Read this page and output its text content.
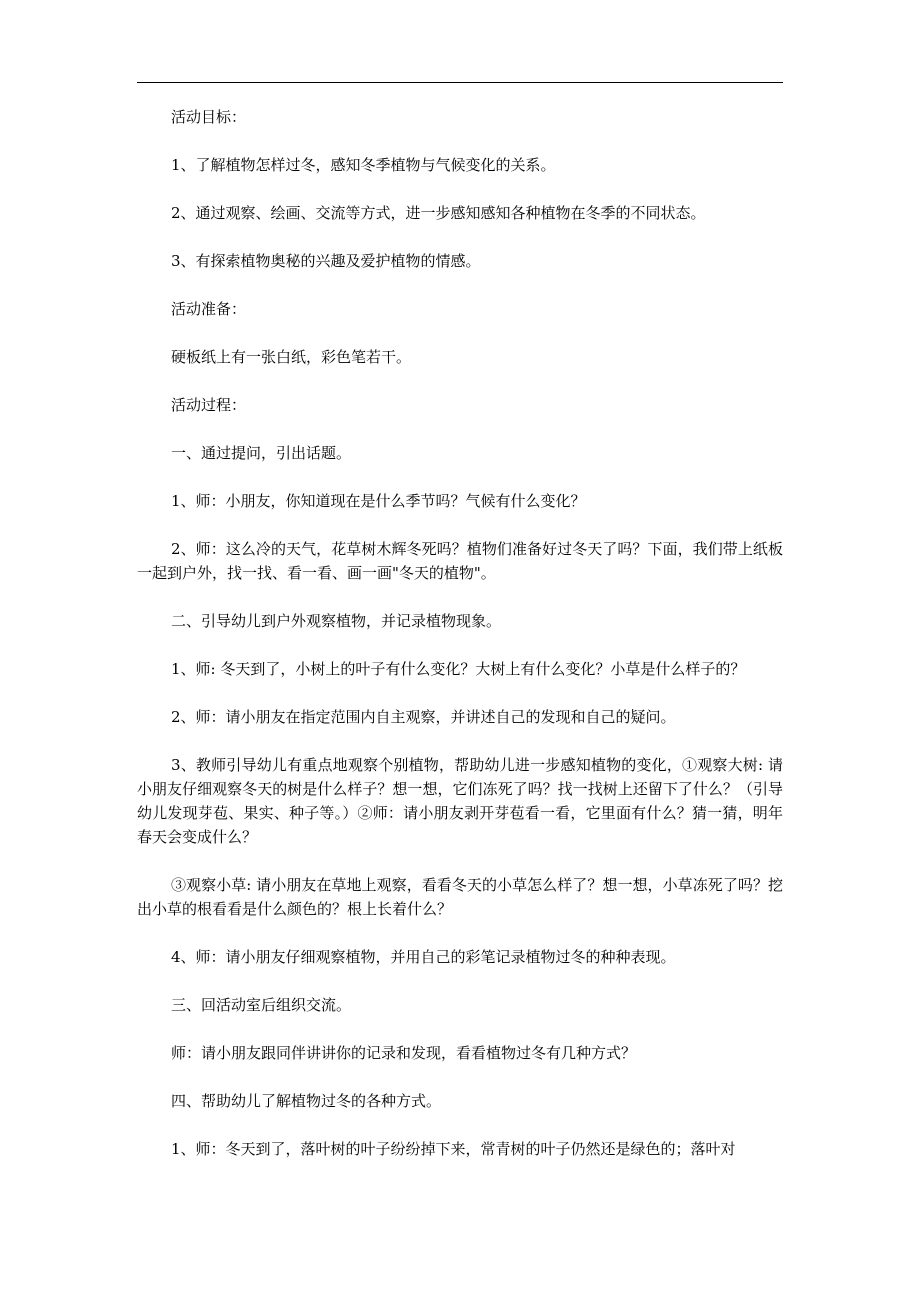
活动目标：

1、了解植物怎样过冬，感知冬季植物与气候变化的关系。

2、通过观察、绘画、交流等方式，进一步感知感知各种植物在冬季的不同状态。

3、有探索植物奥秘的兴趣及爱护植物的情感。

活动准备：

硬板纸上有一张白纸，彩色笔若干。

活动过程：

一、通过提问，引出话题。

1、师：小朋友，你知道现在是什么季节吗？气候有什么变化？

2、师：这么冷的天气，花草树木辉冬死吗？植物们准备好过冬天了吗？下面，我们带上纸板一起到户外，找一找、看一看、画一画"冬天的植物"。

二、引导幼儿到户外观察植物，并记录植物现象。

1、师: 冬天到了，小树上的叶子有什么变化？大树上有什么变化？小草是什么样子的？

2、师：请小朋友在指定范围内自主观察，并讲述自己的发现和自己的疑问。

3、教师引导幼儿有重点地观察个别植物，帮助幼儿进一步感知植物的变化，①观察大树: 请小朋友仔细观察冬天的树是什么样子？想一想，它们冻死了吗？找一找树上还留下了什么？（引导幼儿发现芽苞、果实、种子等。）②师：请小朋友剥开芽苞看一看，它里面有什么？猜一猜，明年春天会变成什么？

③观察小草: 请小朋友在草地上观察，看看冬天的小草怎么样了？想一想，小草冻死了吗？挖出小草的根看看是什么颜色的？根上长着什么？

4、师：请小朋友仔细观察植物，并用自己的彩笔记录植物过冬的种种表现。

三、回活动室后组织交流。

师：请小朋友跟同伴讲讲你的记录和发现，看看植物过冬有几种方式？

四、帮助幼儿了解植物过冬的各种方式。

1、师：冬天到了，落叶树的叶子纷纷掉下来，常青树的叶子仍然还是绿色的；落叶对
